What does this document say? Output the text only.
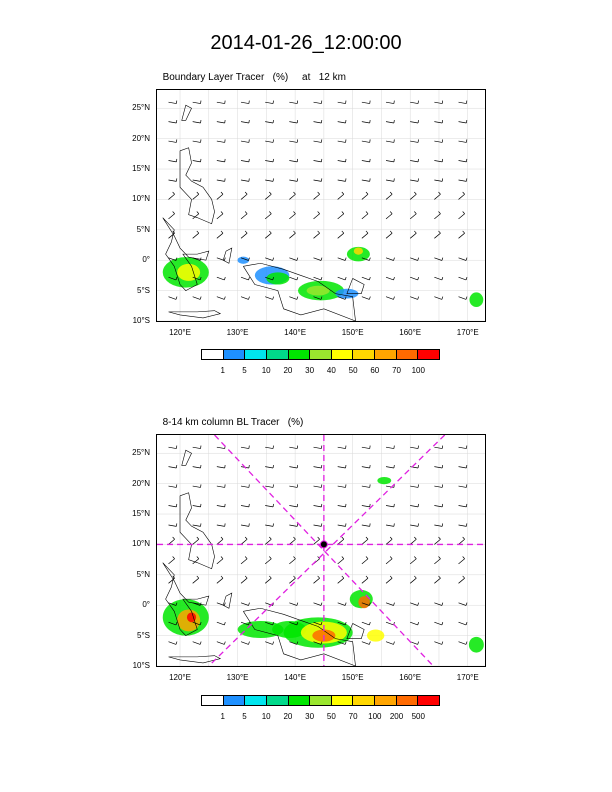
2014-01-26_12:00:00

Boundary Layer Tracer   (%)     at   12 km

8-14 km column BL Tracer   (%)

25°N
20°N
15°N
10°N
5°N
0°
5°S
10°S
120°E	130°E	140°E	150°E	160°E	170°E
1 5 10 20 30 40 50 60 70 100
25°N
20°N
15°N
10°N
5°N
0°
5°S
10°S
120°E	130°E	140°E	150°E	160°E	170°E
1 5 10 20 30 50 70 100 200 500
